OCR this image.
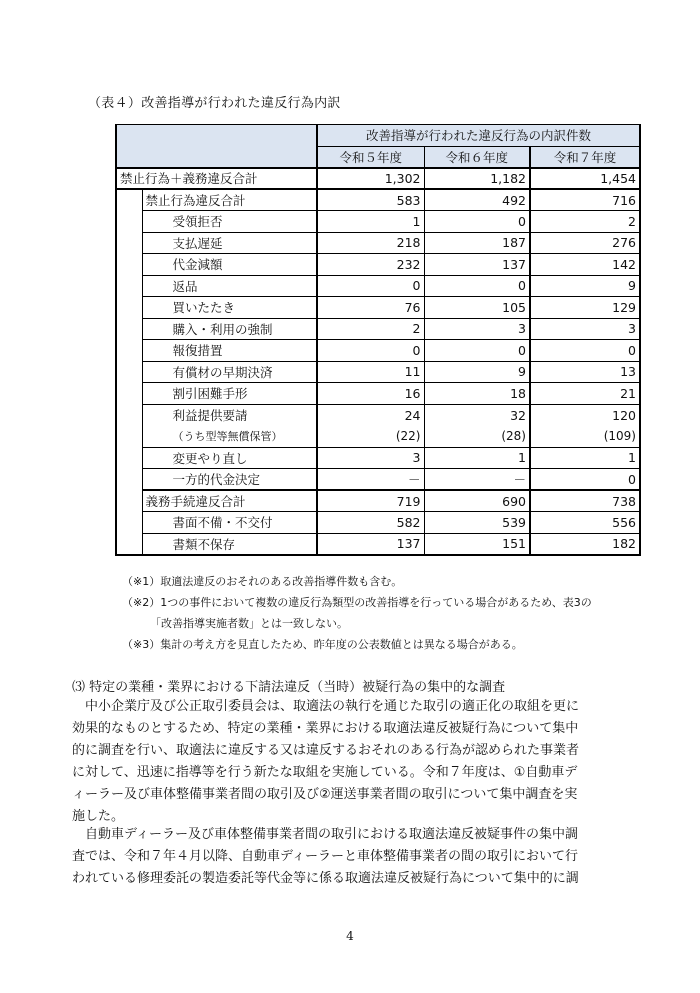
（表４）改善指導が行われた違反行為内訳
		改善指導が行われた違反行為の内訳件数		
		令和５年度	令和６年度	令和７年度
禁止行為＋義務違反合計		1,302	1,182	1,454
	禁止行為違反合計	583	492	716
	受領拒否	1	0	2
	支払遅延	218	187	276
	代金減額	232	137	142
	返品	0	0	9
	買いたたき	76	105	129
	購入・利用の強制	2	3	3
	報復措置	0	0	0
	有償材の早期決済	11	9	13
	割引困難手形	16	18	21
	利益提供要請	24	32	120
	（うち型等無償保管）	(22)	(28)	(109)
	変更やり直し	3	1	1
	一方的代金決定	－	－	0
	義務手続違反合計	719	690	738
	書面不備・不交付	582	539	556
	書類不保存	137	151	182
（※1）取適法違反のおそれのある改善指導件数も含む。
（※2）1つの事件において複数の違反行為類型の改善指導を行っている場合があるため、表3の
「改善指導実施者数」とは一致しない。
（※3）集計の考え方を見直したため、昨年度の公表数値とは異なる場合がある。
⑶ 特定の業種・業界における下請法違反（当時）被疑行為の集中的な調査
　中小企業庁及び公正取引委員会は、取適法の執行を通じた取引の適正化の取組を更に
効果的なものとするため、特定の業種・業界における取適法違反被疑行為について集中
的に調査を行い、取適法に違反する又は違反するおそれのある行為が認められた事業者
に対して、迅速に指導等を行う新たな取組を実施している。令和７年度は、①自動車デ
ィーラー及び車体整備事業者間の取引及び②運送事業者間の取引について集中調査を実
施した。
　自動車ディーラー及び車体整備事業者間の取引における取適法違反被疑事件の集中調
査では、令和７年４月以降、自動車ディーラーと車体整備事業者の間の取引において行
われている修理委託の製造委託等代金等に係る取適法違反被疑行為について集中的に調
4
